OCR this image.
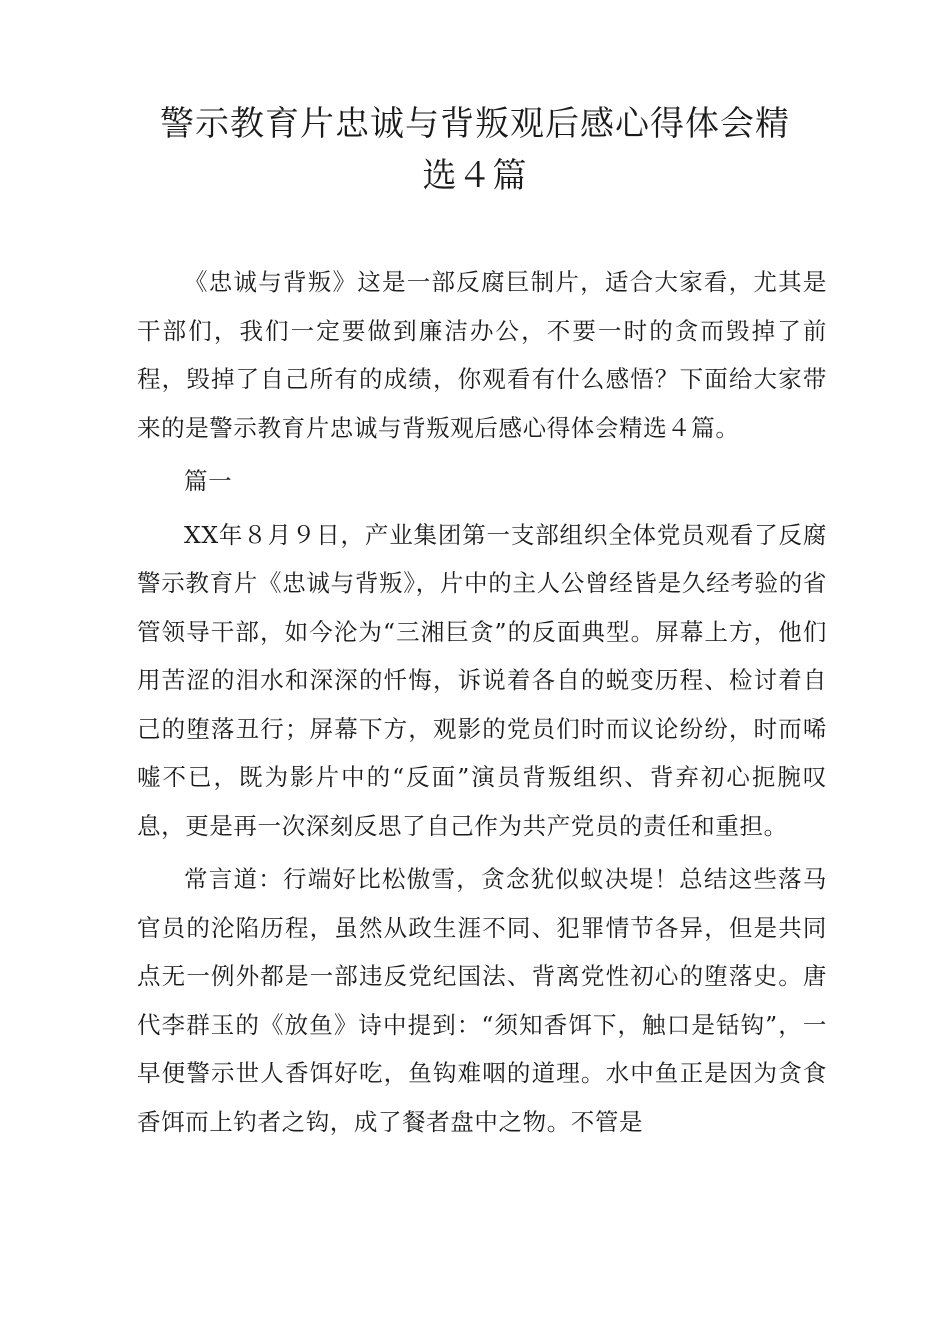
警示教育片忠诚与背叛观后感心得体会精
选４篇

《忠诚与背叛》这是一部反腐巨制片，适合大家看，尤其是干部们，我们一定要做到廉洁办公，不要一时的贪而毁掉了前程，毁掉了自己所有的成绩，你观看有什么感悟？下面给大家带来的是警示教育片忠诚与背叛观后感心得体会精选４篇。

篇一

XX年８月９日，产业集团第一支部组织全体党员观看了反腐警示教育片《忠诚与背叛》，片中的主人公曾经皆是久经考验的省管领导干部，如今沦为“三湘巨贪”的反面典型。屏幕上方，他们用苦涩的泪水和深深的忏悔，诉说着各自的蜕变历程、检讨着自己的堕落丑行；屏幕下方，观影的党员们时而议论纷纷，时而唏嘘不已，既为影片中的“反面”演员背叛组织、背弃初心扼腕叹息，更是再一次深刻反思了自己作为共产党员的责任和重担。

常言道：行端好比松傲雪，贪念犹似蚁决堤！总结这些落马官员的沦陷历程，虽然从政生涯不同、犯罪情节各异，但是共同点无一例外都是一部违反党纪国法、背离党性初心的堕落史。唐代李群玉的《放鱼》诗中提到：“须知香饵下，触口是铦钩”，一早便警示世人香饵好吃，鱼钩难咽的道理。水中鱼正是因为贪食香饵而上钓者之钩，成了餐者盘中之物。不管是
